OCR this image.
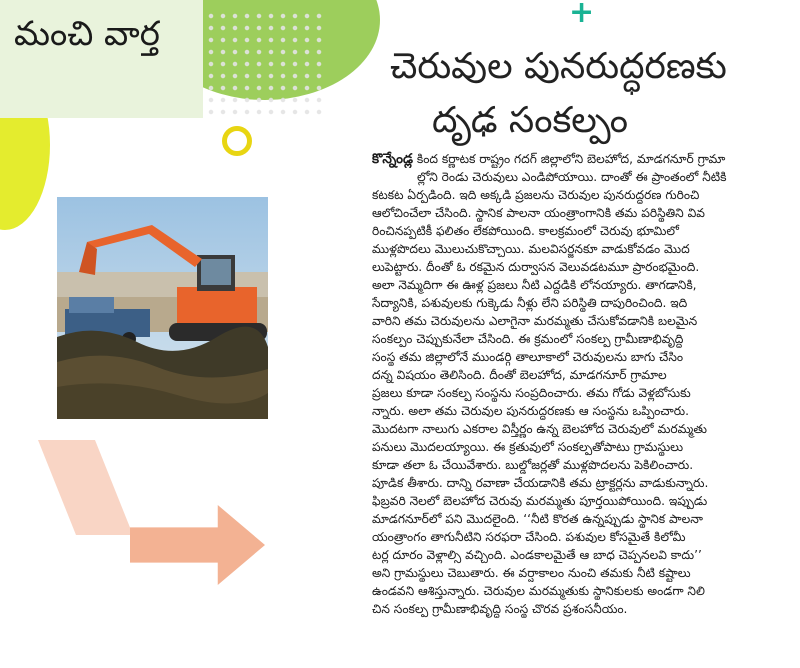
మంచి వార్త
+
చెరువుల పునరుద్ధరణకు
దృఢ సంకల్పం
కొన్నేండ్ల కింద కర్ణాటక రాష్ట్రం గదగ్ జిల్లాలోని బెలహోద, మాడగనూర్ గ్రామా
ల్లోని రెండు చెరువులు ఎండిపోయాయి. దాంతో ఈ ప్రాంతంలో నీటికి
కటకట ఏర్పడింది. ఇది అక్కడి ప్రజలను చెరువుల పునరుద్ధరణ గురించి
ఆలోచించేలా చేసింది. స్థానిక పాలనా యంత్రాంగానికి తమ పరిస్థితిని వివ
రించినప్పటికీ ఫలితం లేకపోయింది. కాలక్రమంలో చెరువు భూమిలో
ముళ్లపొదలు మొలుచుకొచ్చాయి. మలవిసర్జనకూ వాడుకోవడం మొద
లుపెట్టారు. దీంతో ఓ రకమైన దుర్వాసన వెలువడటమూ ప్రారంభమైంది.
అలా నెమ్మదిగా ఈ ఊళ్ల ప్రజలు నీటి ఎద్దడికి లోనయ్యారు. తాగడానికి,
సేద్యానికి, పశువులకు గుక్కెడు నీళ్లు లేని పరిస్థితి దాపురించింది. ఇది
వారిని తమ చెరువులను ఎలాగైనా మరమ్మతు చేసుకోవడానికి బలమైన
సంకల్పం చెప్పుకునేలా చేసింది. ఈ క్రమంలో సంకల్ప గ్రామీణాభివృద్ధి
సంస్థ తమ జిల్లాలోనే ముండర్గి తాలూకాలో చెరువులను బాగు చేసిం
దన్న విషయం తెలిసింది. దీంతో బెలహోద, మాడగనూర్ గ్రామాల
ప్రజలు కూడా సంకల్ప సంస్థను సంప్రదించారు. తమ గోడు వెళ్లబోసుకు
న్నారు. అలా తమ చెరువుల పునరుద్ధరణకు ఆ సంస్థను ఒప్పించారు.
మొదటగా నాలుగు ఎకరాల విస్తీర్ణం ఉన్న బెలహోద చెరువులో మరమ్మతు
పనులు మొదలయ్యాయి. ఈ క్రతువులో సంకల్పతోపాటు గ్రామస్థులు
కూడా తలా ఓ చేయివేశారు. బుల్డోజర్లతో ముళ్లపొదలను పెకిలించారు.
పూడిక తీశారు. దాన్ని రవాణా చేయడానికి తమ ట్రాక్టర్లను వాడుకున్నారు.
ఫిబ్రవరి నెలలో బెలహోద చెరువు మరమ్మతు పూర్తయిపోయింది. ఇప్పుడు
మాడగనూర్‌లో పని మొదలైంది. ‘‘నీటి కొరత ఉన్నప్పుడు స్థానిక పాలనా
యంత్రాంగం తాగునీటిని సరఫరా చేసింది. పశువుల కోసమైతే కిలోమీ
టర్ల దూరం వెళ్లాల్సి వచ్చింది. ఎండకాలమైతే ఆ బాధ చెప్పనలవి కాదు’’
అని గ్రామస్థులు చెబుతారు. ఈ వర్షాకాలం నుంచి తమకు నీటి కష్టాలు
ఉండవని ఆశిస్తున్నారు. చెరువుల మరమ్మతుకు స్థానికులకు అండగా నిలి
చిన సంకల్ప గ్రామీణాభివృద్ధి సంస్థ చొరవ ప్రశంసనీయం.
